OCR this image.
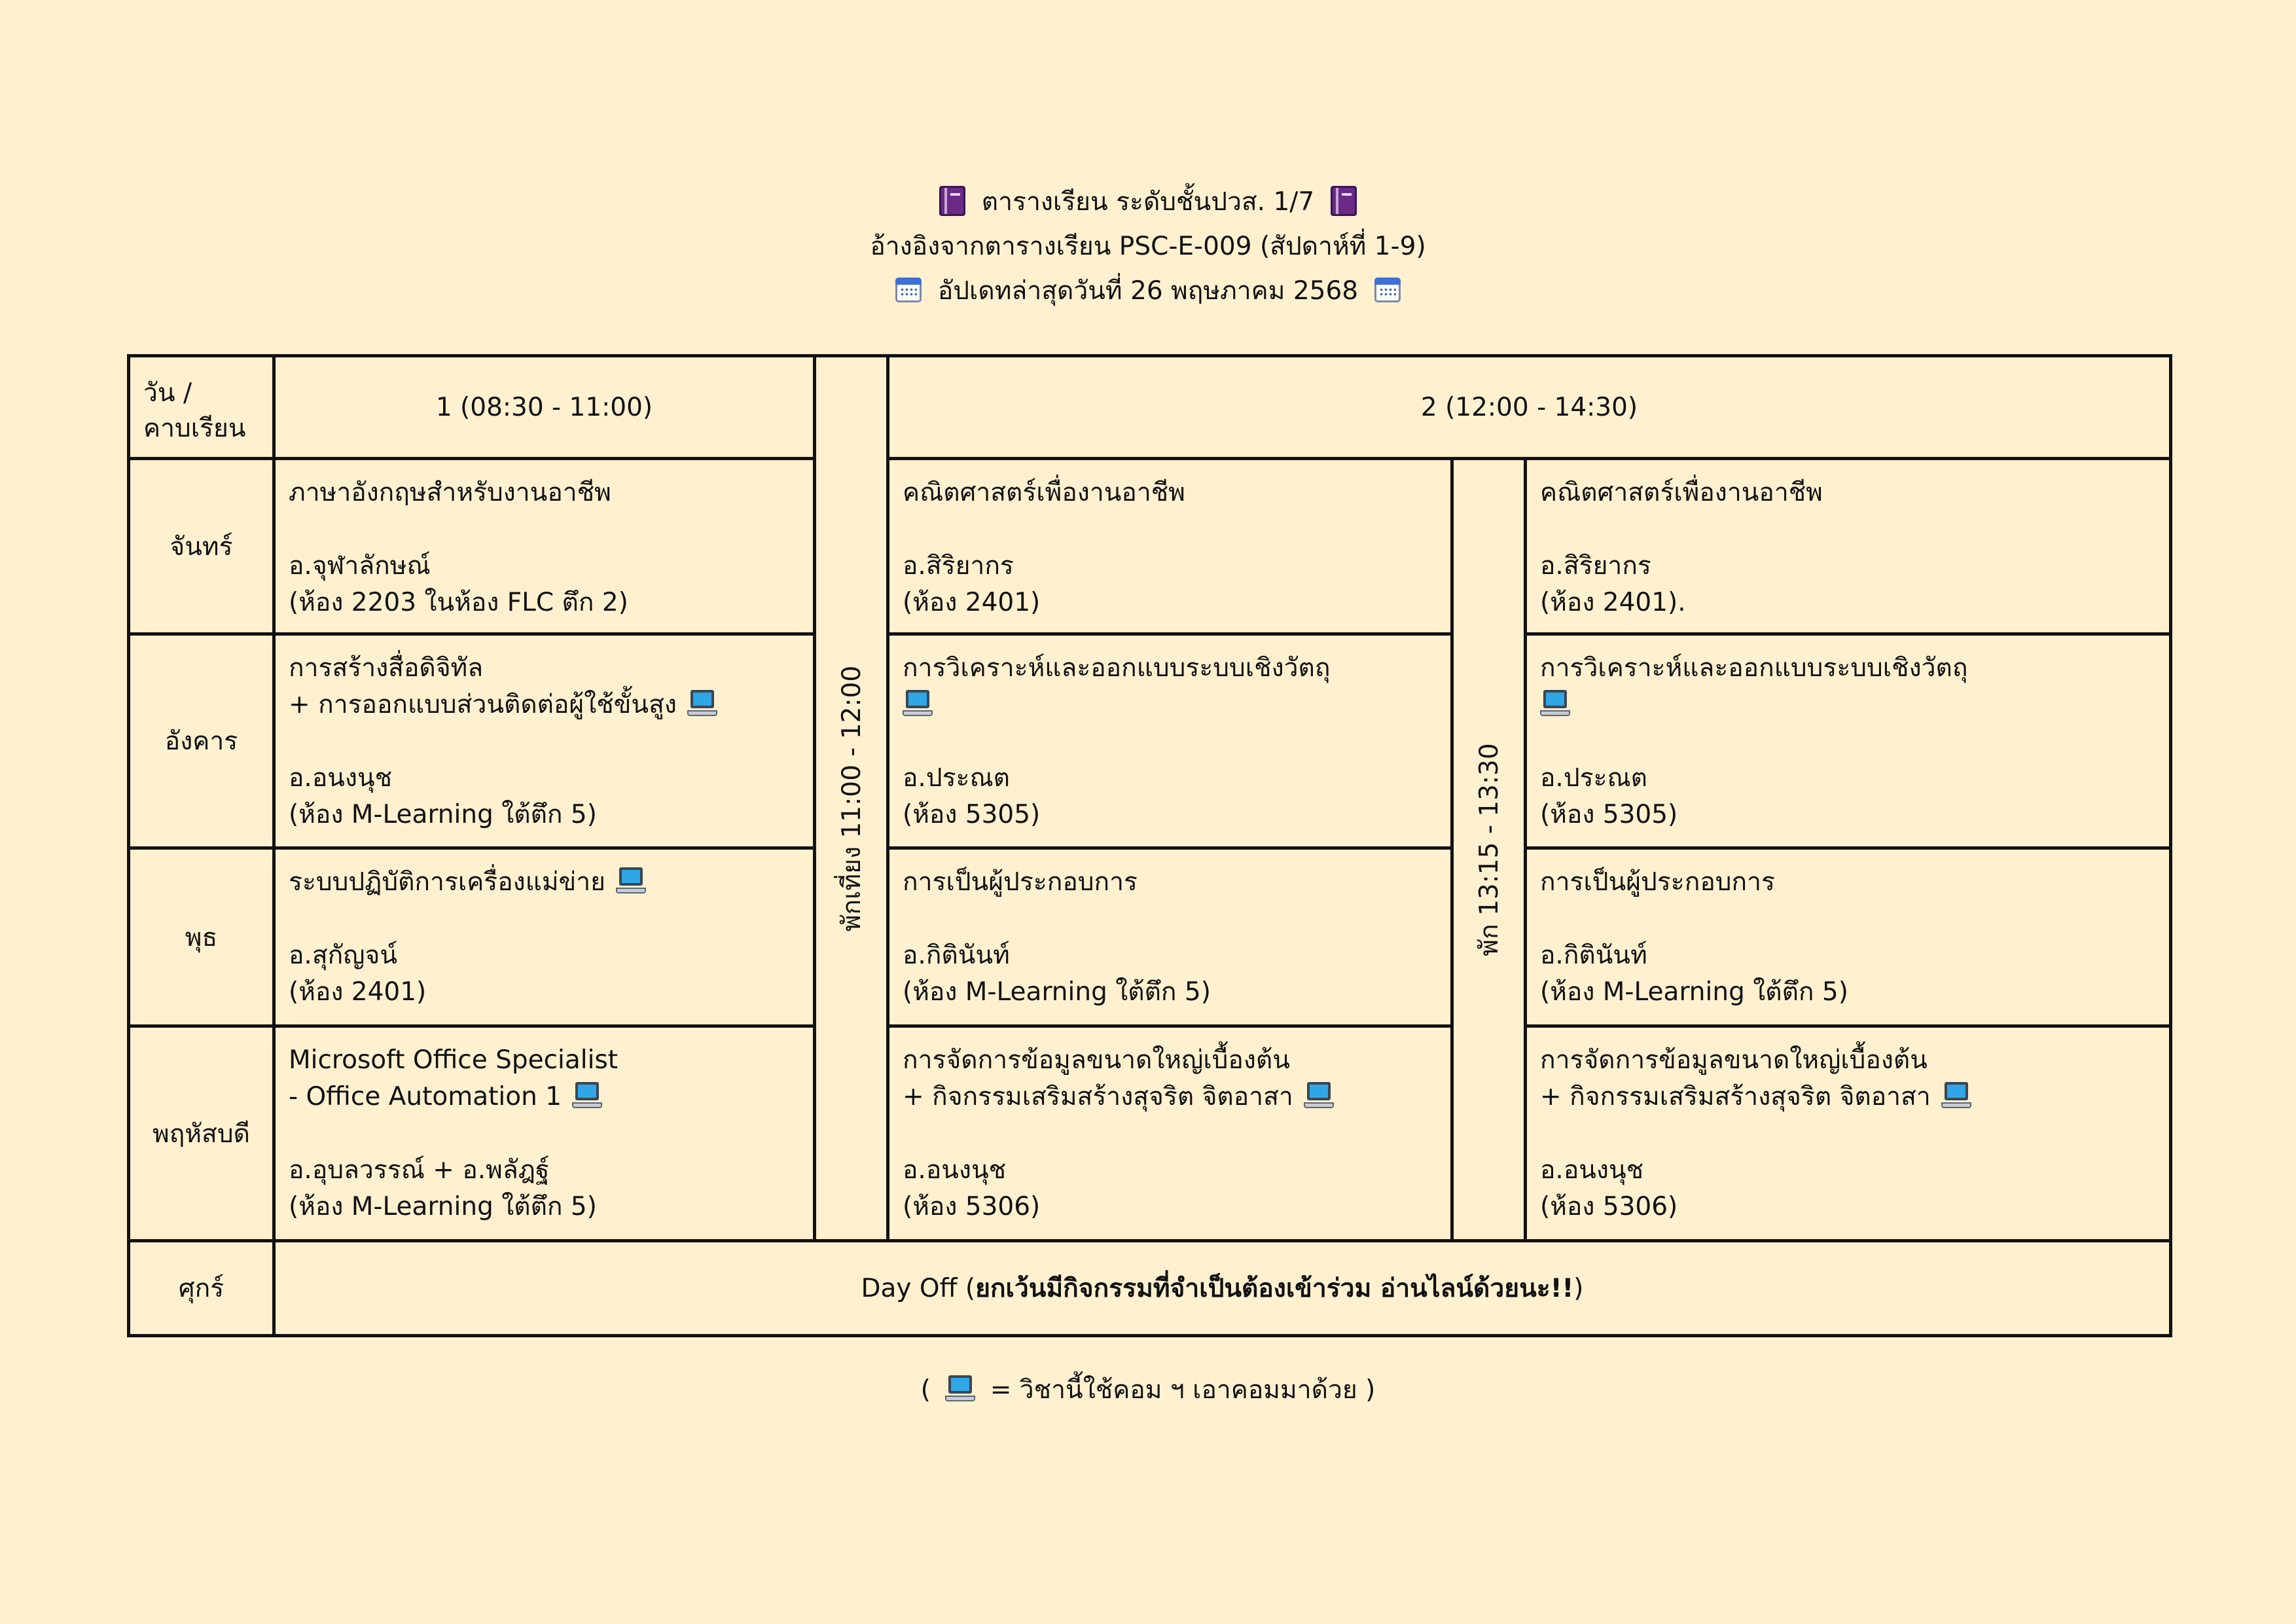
ตารางเรียน ระดับชั้นปวส. 1/7
อ้างอิงจากตารางเรียน PSC-E-009 (สัปดาห์ที่ 1-9)
อัปเดทล่าสุดวันที่ 26 พฤษภาคม 2568
วัน /
คาบเรียน	1 (08:30 - 11:00)	พักเที่ยง 11:00 - 12:00	2 (12:00 - 14:30)		
จันทร์	ภาษาอังกฤษสำหรับงานอาชีพ
อ.จุฬาลักษณ์
(ห้อง 2203 ในห้อง FLC ตึก 2)		คณิตศาสตร์เพื่องานอาชีพ
อ.สิริยากร
(ห้อง 2401)	พัก 13:15 - 13:30	คณิตศาสตร์เพื่องานอาชีพ
อ.สิริยากร
(ห้อง 2401).
อังคาร	การสร้างสื่อดิจิทัล
+ การออกแบบส่วนติดต่อผู้ใช้ขั้นสูง
อ.อนงนุช
(ห้อง M-Learning ใต้ตึก 5)		การวิเคราะห์และออกแบบระบบเชิงวัตถุ

อ.ประณต
(ห้อง 5305)		การวิเคราะห์และออกแบบระบบเชิงวัตถุ

อ.ประณต
(ห้อง 5305)
พุธ	ระบบปฏิบัติการเครื่องแม่ข่าย
อ.สุกัญจน์
(ห้อง 2401)		การเป็นผู้ประกอบการ
อ.กิตินันท์
(ห้อง M-Learning ใต้ตึก 5)		การเป็นผู้ประกอบการ
อ.กิตินันท์
(ห้อง M-Learning ใต้ตึก 5)
พฤหัสบดี	Microsoft Office Specialist
- Office Automation 1
อ.อุบลวรรณ์ + อ.พลัฎฐ์
(ห้อง M-Learning ใต้ตึก 5)		การจัดการข้อมูลขนาดใหญ่เบื้องต้น
+ กิจกรรมเสริมสร้างสุจริต จิตอาสา
อ.อนงนุช
(ห้อง 5306)		การจัดการข้อมูลขนาดใหญ่เบื้องต้น
+ กิจกรรมเสริมสร้างสุจริต จิตอาสา
อ.อนงนุช
(ห้อง 5306)
ศุกร์	Day Off (ยกเว้นมีกิจกรรมที่จำเป็นต้องเข้าร่วม อ่านไลน์ด้วยนะ!!)				
( = วิชานี้ใช้คอม ฯ เอาคอมมาด้วย )
